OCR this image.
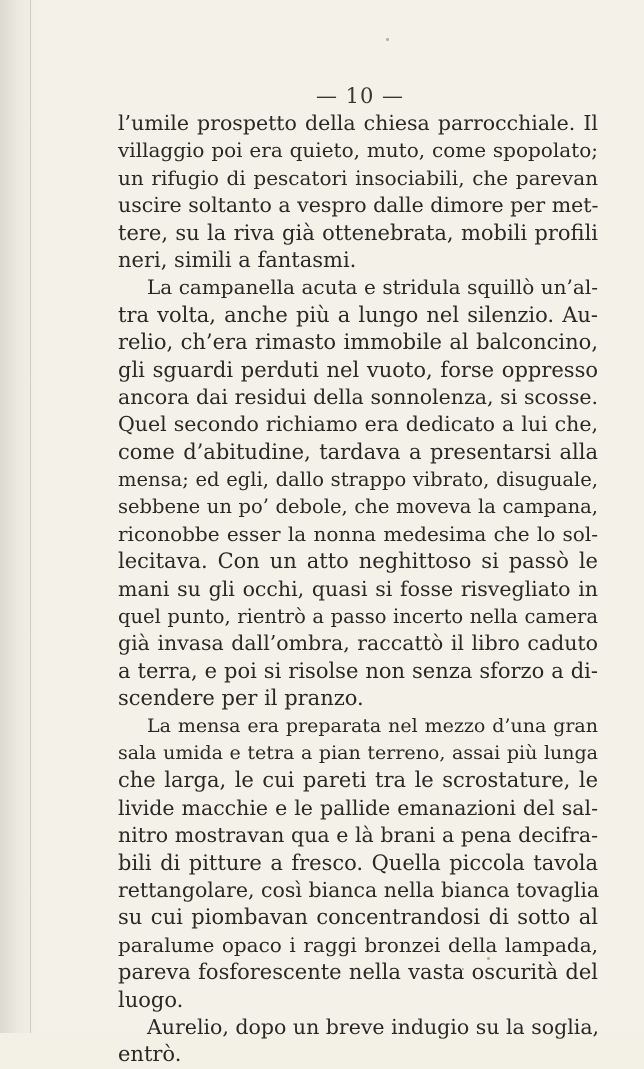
— 10 —
l’umile prospetto della chiesa parrocchiale. Il
villaggio poi era quieto, muto, come spopolato;
un rifugio di pescatori insociabili, che parevan
uscire soltanto a vespro dalle dimore per met-
tere, su la riva già ottenebrata, mobili profili
neri, simili a fantasmi.
La campanella acuta e stridula squillò un’al-
tra volta, anche più a lungo nel silenzio. Au-
relio, ch’era rimasto immobile al balconcino,
gli sguardi perduti nel vuoto, forse oppresso
ancora dai residui della sonnolenza, si scosse.
Quel secondo richiamo era dedicato a lui che,
come d’abitudine, tardava a presentarsi alla
mensa; ed egli, dallo strappo vibrato, disuguale,
sebbene un po’ debole, che moveva la campana,
riconobbe esser la nonna medesima che lo sol-
lecitava. Con un atto neghittoso si passò le
mani su gli occhi, quasi si fosse risvegliato in
quel punto, rientrò a passo incerto nella camera
già invasa dall’ombra, raccattò il libro caduto
a terra, e poi si risolse non senza sforzo a di-
scendere per il pranzo.
La mensa era preparata nel mezzo d’una gran
sala umida e tetra a pian terreno, assai più lunga
che larga, le cui pareti tra le scrostature, le
livide macchie e le pallide emanazioni del sal-
nitro mostravan qua e là brani a pena decifra-
bili di pitture a fresco. Quella piccola tavola
rettangolare, così bianca nella bianca tovaglia
su cui piombavan concentrandosi di sotto al
paralume opaco i raggi bronzei della lampada,
pareva fosforescente nella vasta oscurità del
luogo.
Aurelio, dopo un breve indugio su la soglia,
entrò.
